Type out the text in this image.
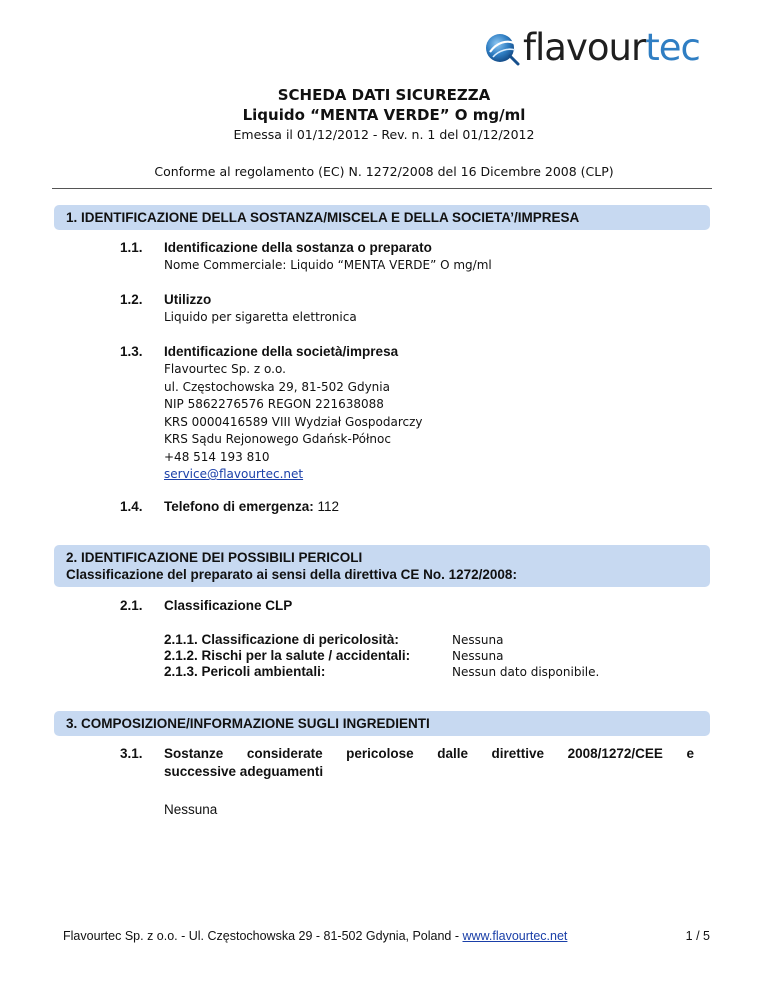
flavourtec
SCHEDA DATI SICUREZZA
Liquido “MENTA VERDE” O mg/ml
Emessa il 01/12/2012 - Rev. n. 1 del 01/12/2012
Conforme al regolamento (EC) N. 1272/2008 del 16 Dicembre 2008 (CLP)
1. IDENTIFICAZIONE DELLA SOSTANZA/MISCELA E DELLA SOCIETA’/IMPRESA
1.1. Identificazione della sostanza o preparato
Nome Commerciale: Liquido “MENTA VERDE” O mg/ml
1.2. Utilizzo
Liquido per sigaretta elettronica
1.3. Identificazione della società/impresa
Flavourtec Sp. z o.o.
ul. Częstochowska 29, 81-502 Gdynia
NIP 5862276576 REGON 221638088
KRS 0000416589 VIII Wydział Gospodarczy
KRS Sądu Rejonowego Gdańsk-Północ
+48 514 193 810
service@flavourtec.net
1.4. Telefono di emergenza: 112
2. IDENTIFICAZIONE DEI POSSIBILI PERICOLI
Classificazione del preparato ai sensi della direttiva CE No. 1272/2008:
2.1. Classificazione CLP
2.1.1. Classificazione di pericolosità:	Nessuna
2.1.2. Rischi per la salute / accidentali:	Nessuna
2.1.3. Pericoli ambientali:	Nessun dato disponibile.
3. COMPOSIZIONE/INFORMAZIONE SUGLI INGREDIENTI
3.1. Sostanze considerate pericolose dalle direttive 2008/1272/CEE e
successive adeguamenti
Nessuna
Flavourtec Sp. z o.o. - Ul. Częstochowska 29 - 81-502 Gdynia, Poland - www.flavourtec.net	1 / 5
